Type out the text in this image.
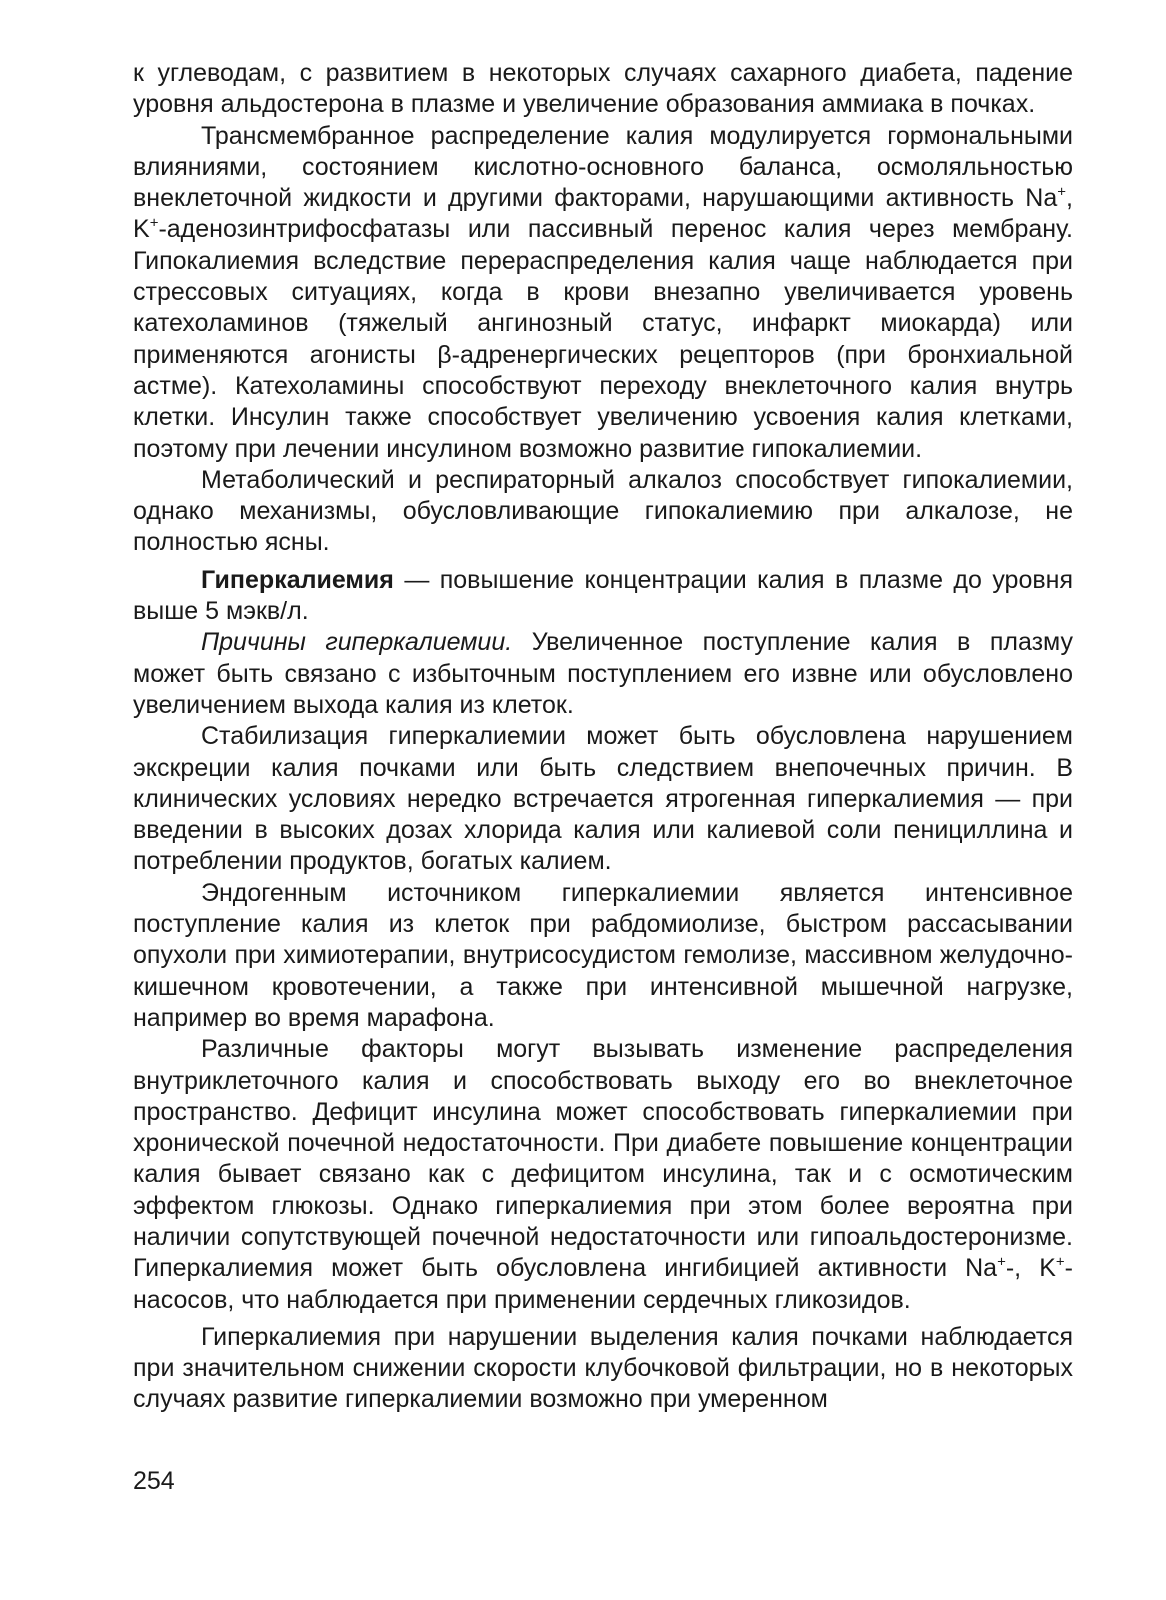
к углеводам, с развитием в некоторых случаях сахарного диабета, падение уровня альдостерона в плазме и увеличение образования аммиака в почках.

Трансмембранное распределение калия модулируется гормональными влияниями, состоянием кислотно-основного баланса, осмоляльностью внеклеточной жидкости и другими факторами, нарушающими активность Na+, K+-аденозинтрифосфатазы или пассивный перенос калия через мембрану. Гипокалиемия вследствие перераспределения калия чаще наблюдается при стрессовых ситуациях, когда в крови внезапно увеличивается уровень катехоламинов (тяжелый ангинозный статус, инфаркт миокарда) или применяются агонисты β-адренергических рецепторов (при бронхиальной астме). Катехоламины способствуют переходу внеклеточного калия внутрь клетки. Инсулин также способствует увеличению усвоения калия клетками, поэтому при лечении инсулином возможно развитие гипокалиемии.

Метаболический и респираторный алкалоз способствует гипокалиемии, однако механизмы, обусловливающие гипокалиемию при алкалозе, не полностью ясны.

Гиперкалиемия — повышение концентрации калия в плазме до уровня выше 5 мэкв/л.

Причины гиперкалиемии. Увеличенное поступление калия в плазму может быть связано с избыточным поступлением его извне или обусловлено увеличением выхода калия из клеток.

Стабилизация гиперкалиемии может быть обусловлена нарушением экскреции калия почками или быть следствием внепочечных причин. В клинических условиях нередко встречается ятрогенная гиперкалиемия — при введении в высоких дозах хлорида калия или калиевой соли пенициллина и потреблении продуктов, богатых калием.

Эндогенным источником гиперкалиемии является интенсивное поступление калия из клеток при рабдомиолизе, быстром рассасывании опухоли при химиотерапии, внутрисосудистом гемолизе, массивном желудочно-кишечном кровотечении, а также при интенсивной мышечной нагрузке, например во время марафона.

Различные факторы могут вызывать изменение распределения внутриклеточного калия и способствовать выходу его во внеклеточное пространство. Дефицит инсулина может способствовать гиперкалиемии при хронической почечной недостаточности. При диабете повышение концентрации калия бывает связано как с дефицитом инсулина, так и с осмотическим эффектом глюкозы. Однако гиперкалиемия при этом более вероятна при наличии сопутствующей почечной недостаточности или гипоальдостеронизме. Гиперкалиемия может быть обусловлена ингибицией активности Na+-, K+-насосов, что наблюдается при применении сердечных гликозидов.

Гиперкалиемия при нарушении выделения калия почками наблюдается при значительном снижении скорости клубочковой фильтрации, но в некоторых случаях развитие гиперкалиемии возможно при умеренном

254
